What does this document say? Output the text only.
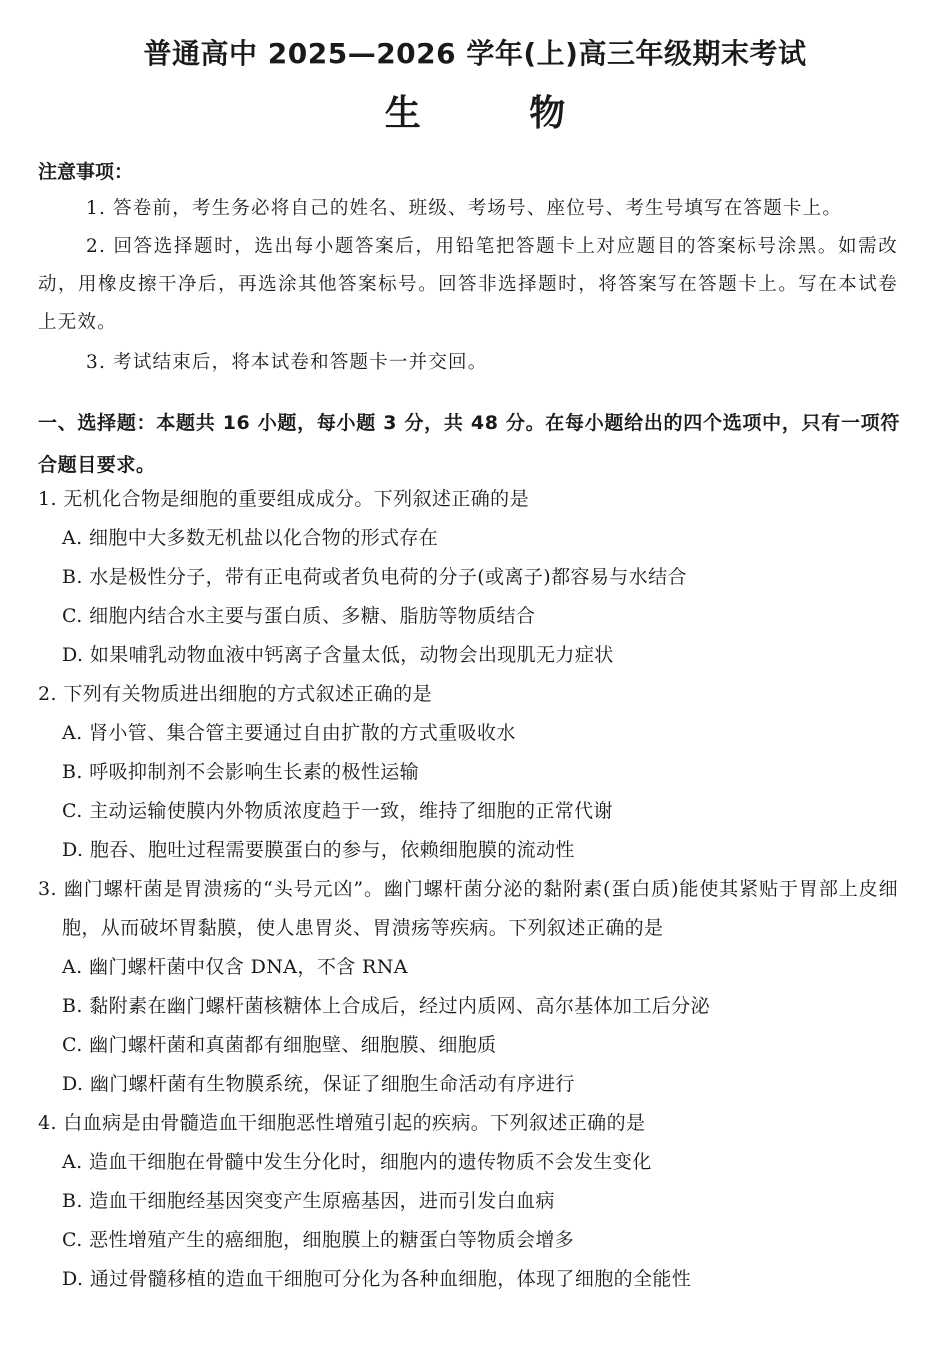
普通高中 2025—2026 学年(上)高三年级期末考试
生 物
注意事项：
1. 答卷前，考生务必将自己的姓名、班级、考场号、座位号、考生号填写在答题卡上。
2. 回答选择题时，选出每小题答案后，用铅笔把答题卡上对应题目的答案标号涂黑。如需改动，用橡皮擦干净后，再选涂其他答案标号。回答非选择题时，将答案写在答题卡上。写在本试卷上无效。
3. 考试结束后，将本试卷和答题卡一并交回。
一、选择题：本题共 16 小题，每小题 3 分，共 48 分。在每小题给出的四个选项中，只有一项符合题目要求。
1. 无机化合物是细胞的重要组成成分。下列叙述正确的是
A. 细胞中大多数无机盐以化合物的形式存在
B. 水是极性分子，带有正电荷或者负电荷的分子(或离子)都容易与水结合
C. 细胞内结合水主要与蛋白质、多糖、脂肪等物质结合
D. 如果哺乳动物血液中钙离子含量太低，动物会出现肌无力症状
2. 下列有关物质进出细胞的方式叙述正确的是
A. 肾小管、集合管主要通过自由扩散的方式重吸收水
B. 呼吸抑制剂不会影响生长素的极性运输
C. 主动运输使膜内外物质浓度趋于一致，维持了细胞的正常代谢
D. 胞吞、胞吐过程需要膜蛋白的参与，依赖细胞膜的流动性
3. 幽门螺杆菌是胃溃疡的“头号元凶”。幽门螺杆菌分泌的黏附素(蛋白质)能使其紧贴于胃部上皮细胞，从而破坏胃黏膜，使人患胃炎、胃溃疡等疾病。下列叙述正确的是
A. 幽门螺杆菌中仅含 DNA，不含 RNA
B. 黏附素在幽门螺杆菌核糖体上合成后，经过内质网、高尔基体加工后分泌
C. 幽门螺杆菌和真菌都有细胞壁、细胞膜、细胞质
D. 幽门螺杆菌有生物膜系统，保证了细胞生命活动有序进行
4. 白血病是由骨髓造血干细胞恶性增殖引起的疾病。下列叙述正确的是
A. 造血干细胞在骨髓中发生分化时，细胞内的遗传物质不会发生变化
B. 造血干细胞经基因突变产生原癌基因，进而引发白血病
C. 恶性增殖产生的癌细胞，细胞膜上的糖蛋白等物质会增多
D. 通过骨髓移植的造血干细胞可分化为各种血细胞，体现了细胞的全能性
